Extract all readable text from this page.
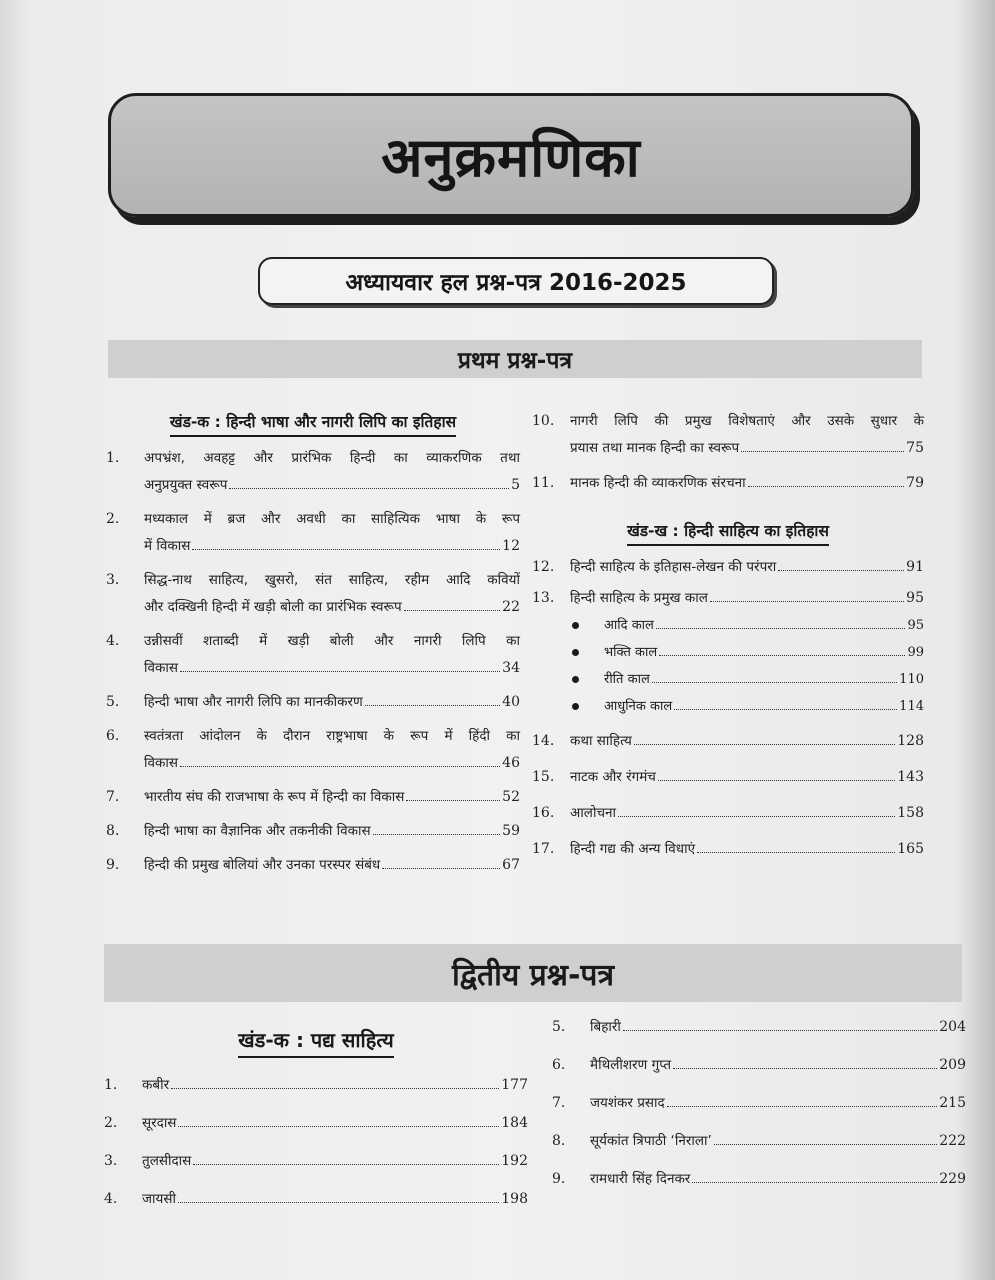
अनुक्रमणिका
अध्यायवार हल प्रश्न-पत्र 2016-2025
प्रथम प्रश्न-पत्र
खंड-क : हिन्दी भाषा और नागरी लिपि का इतिहास
1. अपभ्रंश, अवहट्ट और प्रारंभिक हिन्दी का व्याकरणिक तथा
अनुप्रयुक्त स्वरूप	5
2. मध्यकाल में ब्रज और अवधी का साहित्यिक भाषा के रूप
में विकास	12
3. सिद्ध-नाथ साहित्य, खुसरो, संत साहित्य, रहीम आदि कवियों
और दक्खिनी हिन्दी में खड़ी बोली का प्रारंभिक स्वरूप	22
4. उन्नीसवीं शताब्दी में खड़ी बोली और नागरी लिपि का
विकास	34
5. हिन्दी भाषा और नागरी लिपि का मानकीकरण	40
6. स्वतंत्रता आंदोलन के दौरान राष्ट्रभाषा के रूप में हिंदी का
विकास	46
7. भारतीय संघ की राजभाषा के रूप में हिन्दी का विकास	52
8. हिन्दी भाषा का वैज्ञानिक और तकनीकी विकास	59
9. हिन्दी की प्रमुख बोलियां और उनका परस्पर संबंध	67
10. नागरी लिपि की प्रमुख विशेषताएं और उसके सुधार के
प्रयास तथा मानक हिन्दी का स्वरूप	75
11. मानक हिन्दी की व्याकरणिक संरचना	79
खंड-ख : हिन्दी साहित्य का इतिहास
12. हिन्दी साहित्य के इतिहास-लेखन की परंपरा	91
13. हिन्दी साहित्य के प्रमुख काल	95
आदि काल	95
भक्ति काल	99
रीति काल	110
आधुनिक काल	114
14. कथा साहित्य	128
15. नाटक और रंगमंच	143
16. आलोचना	158
17. हिन्दी गद्य की अन्य विधाएं	165
द्वितीय प्रश्न-पत्र
खंड-क : पद्य साहित्य
1. कबीर	177
2. सूरदास	184
3. तुलसीदास	192
4. जायसी	198
5. बिहारी	204
6. मैथिलीशरण गुप्त	209
7. जयशंकर प्रसाद	215
8. सूर्यकांत त्रिपाठी ‘निराला’	222
9. रामधारी सिंह दिनकर	229
